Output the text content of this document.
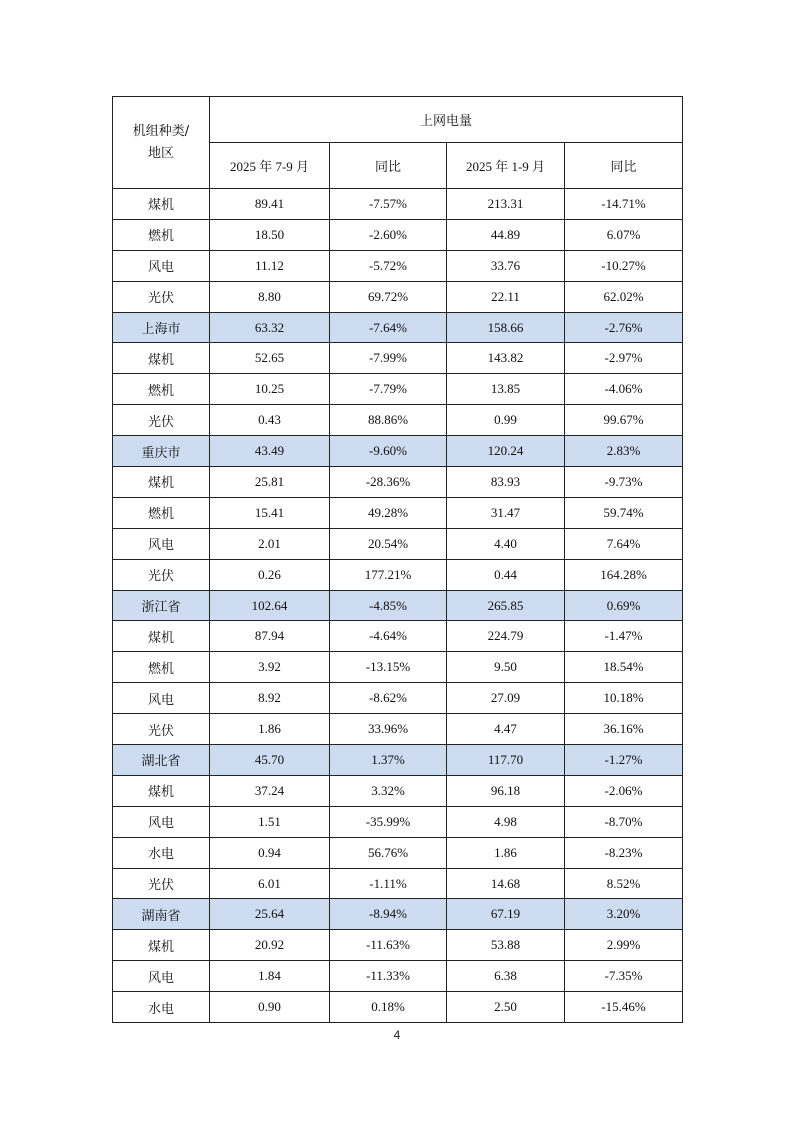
机组种类/
地区	上网电量			
	2025 年 7-9 月	同比	2025 年 1-9 月	同比
煤机	89.41	-7.57%	213.31	-14.71%
燃机	18.50	-2.60%	44.89	6.07%
风电	11.12	-5.72%	33.76	-10.27%
光伏	8.80	69.72%	22.11	62.02%
上海市	63.32	-7.64%	158.66	-2.76%
煤机	52.65	-7.99%	143.82	-2.97%
燃机	10.25	-7.79%	13.85	-4.06%
光伏	0.43	88.86%	0.99	99.67%
重庆市	43.49	-9.60%	120.24	2.83%
煤机	25.81	-28.36%	83.93	-9.73%
燃机	15.41	49.28%	31.47	59.74%
风电	2.01	20.54%	4.40	7.64%
光伏	0.26	177.21%	0.44	164.28%
浙江省	102.64	-4.85%	265.85	0.69%
煤机	87.94	-4.64%	224.79	-1.47%
燃机	3.92	-13.15%	9.50	18.54%
风电	8.92	-8.62%	27.09	10.18%
光伏	1.86	33.96%	4.47	36.16%
湖北省	45.70	1.37%	117.70	-1.27%
煤机	37.24	3.32%	96.18	-2.06%
风电	1.51	-35.99%	4.98	-8.70%
水电	0.94	56.76%	1.86	-8.23%
光伏	6.01	-1.11%	14.68	8.52%
湖南省	25.64	-8.94%	67.19	3.20%
煤机	20.92	-11.63%	53.88	2.99%
风电	1.84	-11.33%	6.38	-7.35%
水电	0.90	0.18%	2.50	-15.46%
4
